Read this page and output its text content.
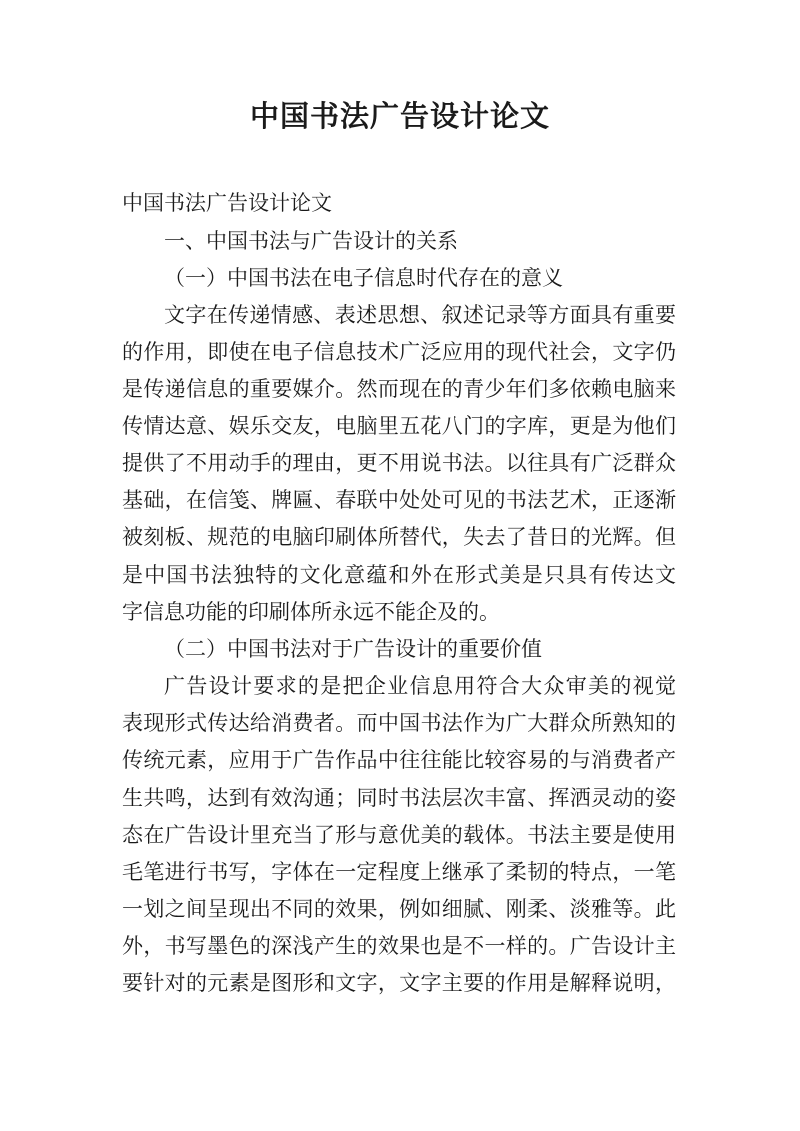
中国书法广告设计论文
中国书法广告设计论文
一、中国书法与广告设计的关系
（一）中国书法在电子信息时代存在的意义
文字在传递情感、表述思想、叙述记录等方面具有重要
的作用，即使在电子信息技术广泛应用的现代社会，文字仍
是传递信息的重要媒介。然而现在的青少年们多依赖电脑来
传情达意、娱乐交友，电脑里五花八门的字库，更是为他们
提供了不用动手的理由，更不用说书法。以往具有广泛群众
基础，在信笺、牌匾、春联中处处可见的书法艺术，正逐渐
被刻板、规范的电脑印刷体所替代，失去了昔日的光辉。但
是中国书法独特的文化意蕴和外在形式美是只具有传达文
字信息功能的印刷体所永远不能企及的。
（二）中国书法对于广告设计的重要价值
广告设计要求的是把企业信息用符合大众审美的视觉
表现形式传达给消费者。而中国书法作为广大群众所熟知的
传统元素，应用于广告作品中往往能比较容易的与消费者产
生共鸣，达到有效沟通；同时书法层次丰富、挥洒灵动的姿
态在广告设计里充当了形与意优美的载体。书法主要是使用
毛笔进行书写，字体在一定程度上继承了柔韧的特点，一笔
一划之间呈现出不同的效果，例如细腻、刚柔、淡雅等。此
外，书写墨色的深浅产生的效果也是不一样的。广告设计主
要针对的元素是图形和文字，文字主要的作用是解释说明，
